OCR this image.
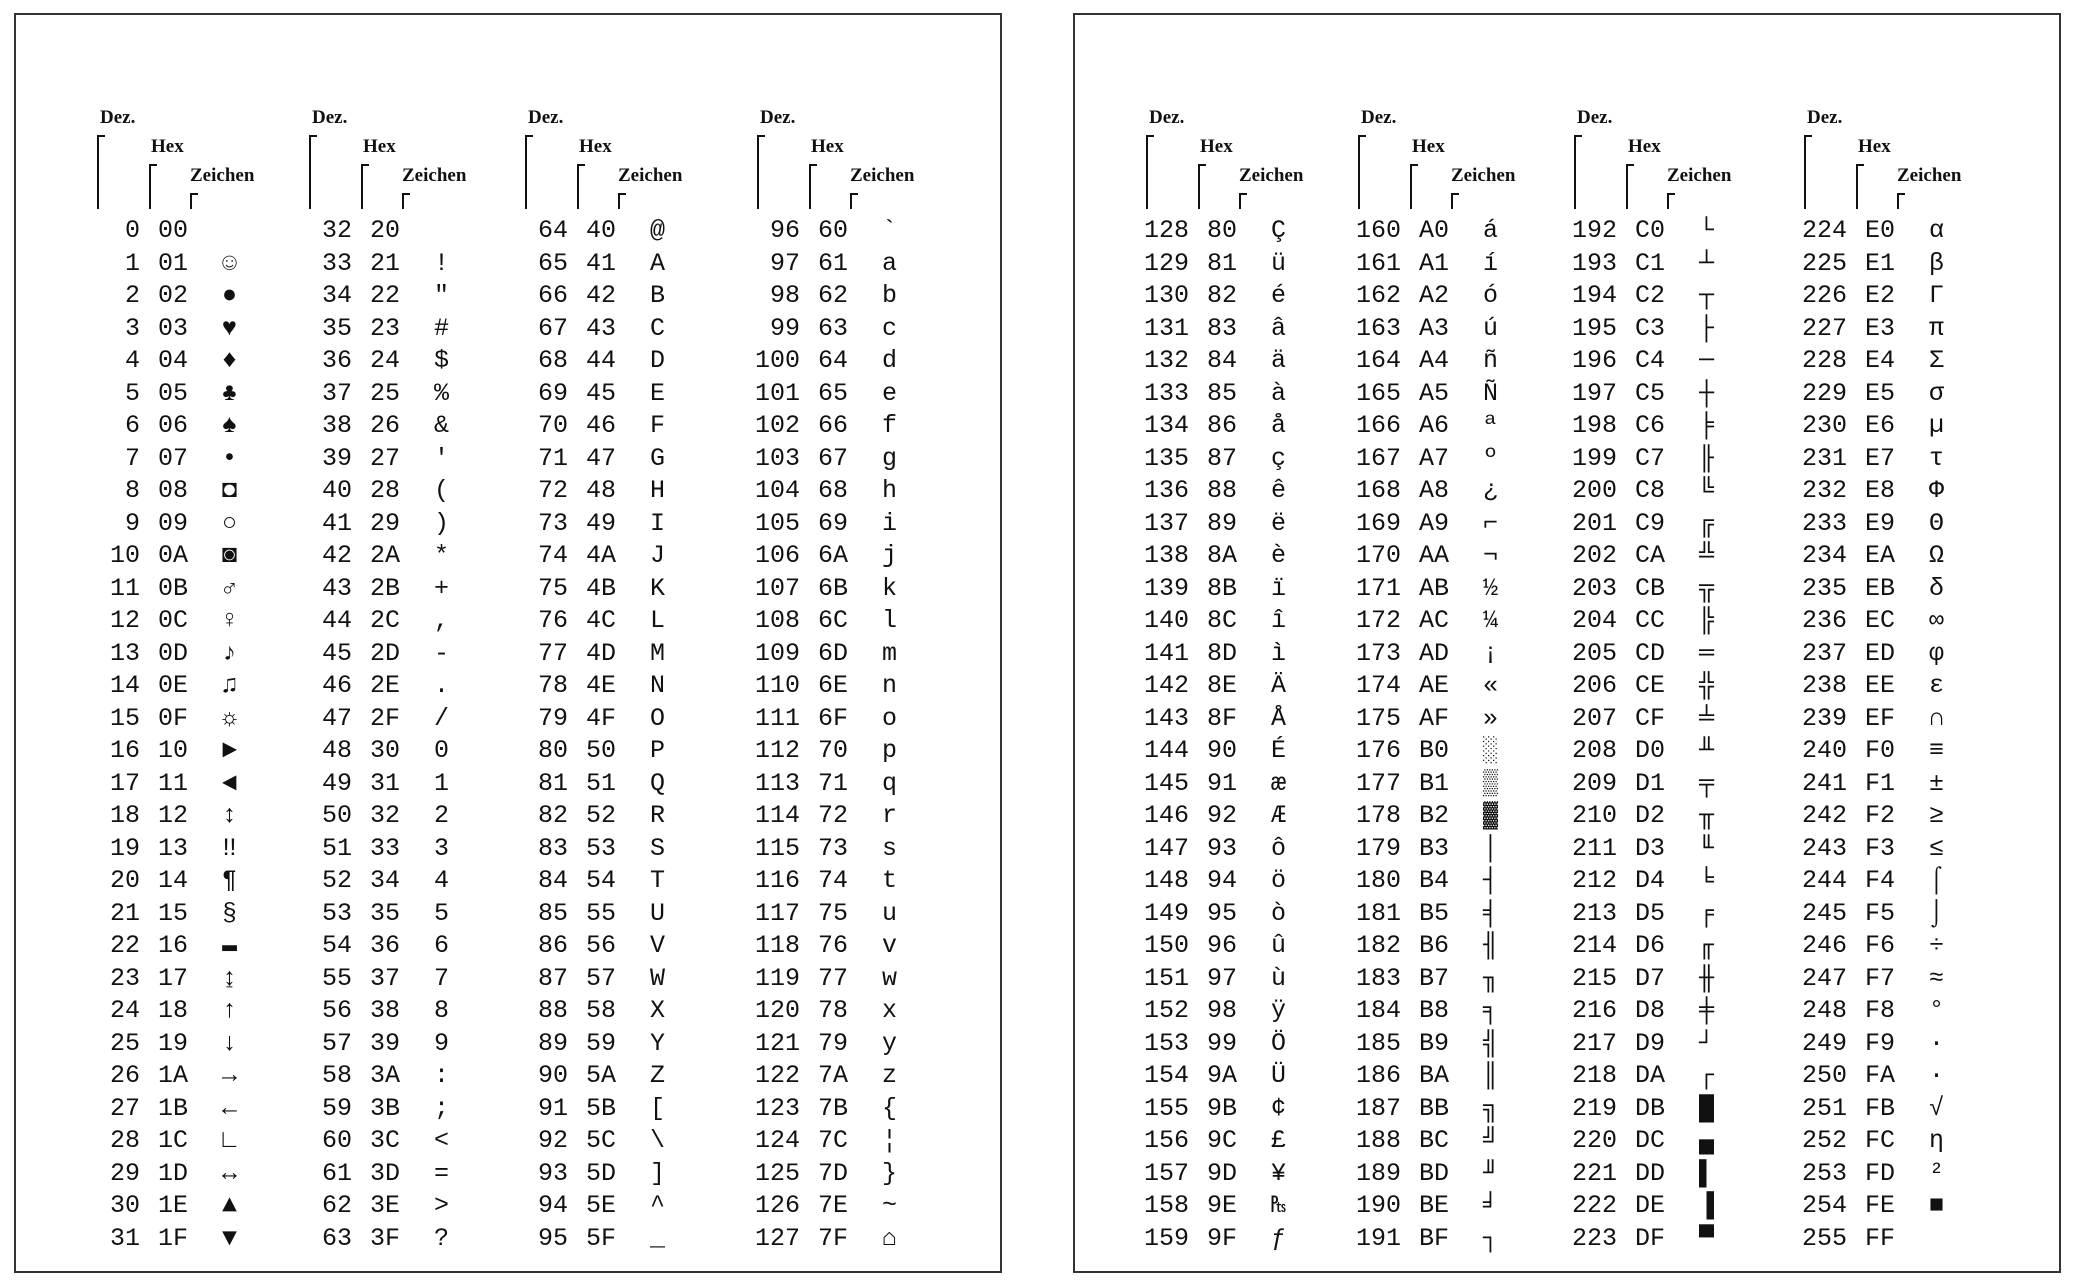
Dez.
Hex
Zeichen
0 00
1 01	☺
2 02	●
3 03	♥
4 04	♦
5 05	♣
6 06	♠
7 07	•
8 08	◘
9 09	○
10 0A	◙
11 0B	♂
12 0C	♀
13 0D	♪
14 0E	♫
15 0F	☼
16 10	►
17 11	◄
18 12	↕
19 13	‼
20 14	¶
21 15	§
22 16	▬
23 17	↨
24 18	↑
25 19	↓
26 1A	→
27 1B	←
28 1C	∟
29 1D	↔
30 1E	▲
31 1F	▼
Dez.
Hex
Zeichen
32 20
33 21	!
34 22	"
35 23	#
36 24	$
37 25	%
38 26	&
39 27	'
40 28	(
41 29	)
42 2A	*
43 2B	+
44 2C	,
45 2D	-
46 2E	.
47 2F	/
48 30	0
49 31	1
50 32	2
51 33	3
52 34	4
53 35	5
54 36	6
55 37	7
56 38	8
57 39	9
58 3A	:
59 3B	;
60 3C	<
61 3D	=
62 3E	>
63 3F	?
Dez.
Hex
Zeichen
64 40	@
65 41	A
66 42	B
67 43	C
68 44	D
69 45	E
70 46	F
71 47	G
72 48	H
73 49	I
74 4A	J
75 4B	K
76 4C	L
77 4D	M
78 4E	N
79 4F	O
80 50	P
81 51	Q
82 52	R
83 53	S
84 54	T
85 55	U
86 56	V
87 57	W
88 58	X
89 59	Y
90 5A	Z
91 5B	[
92 5C	\
93 5D	]
94 5E	^
95 5F	_
Dez.
Hex
Zeichen
96 60	`
97 61	a
98 62	b
99 63	c
100 64	d
101 65	e
102 66	f
103 67	g
104 68	h
105 69	i
106 6A	j
107 6B	k
108 6C	l
109 6D	m
110 6E	n
111 6F	o
112 70	p
113 71	q
114 72	r
115 73	s
116 74	t
117 75	u
118 76	v
119 77	w
120 78	x
121 79	y
122 7A	z
123 7B	{
124 7C	¦
125 7D	}
126 7E	~
127 7F	⌂
Dez.
Hex
Zeichen
128 80	Ç
129 81	ü
130 82	é
131 83	â
132 84	ä
133 85	à
134 86	å
135 87	ç
136 88	ê
137 89	ë
138 8A	è
139 8B	ï
140 8C	î
141 8D	ì
142 8E	Ä
143 8F	Å
144 90	É
145 91	æ
146 92	Æ
147 93	ô
148 94	ö
149 95	ò
150 96	û
151 97	ù
152 98	ÿ
153 99	Ö
154 9A	Ü
155 9B	¢
156 9C	£
157 9D	¥
158 9E	₧
159 9F	ƒ
Dez.
Hex
Zeichen
160 A0	á
161 A1	í
162 A2	ó
163 A3	ú
164 A4	ñ
165 A5	Ñ
166 A6	ª
167 A7	º
168 A8	¿
169 A9	⌐
170 AA	¬
171 AB	½
172 AC	¼
173 AD	¡
174 AE	«
175 AF	»
176 B0	░
177 B1	▒
178 B2	▓
179 B3	│
180 B4	┤
181 B5	╡
182 B6	╢
183 B7	╖
184 B8	╕
185 B9	╣
186 BA	║
187 BB	╗
188 BC	╝
189 BD	╜
190 BE	╛
191 BF	┐
Dez.
Hex
Zeichen
192 C0	└
193 C1	┴
194 C2	┬
195 C3	├
196 C4	─
197 C5	┼
198 C6	╞
199 C7	╟
200 C8	╚
201 C9	╔
202 CA	╩
203 CB	╦
204 CC	╠
205 CD	═
206 CE	╬
207 CF	╧
208 D0	╨
209 D1	╤
210 D2	╥
211 D3	╙
212 D4	╘
213 D5	╒
214 D6	╓
215 D7	╫
216 D8	╪
217 D9	┘
218 DA	┌
219 DB	█
220 DC	▄
221 DD	▌
222 DE	▐
223 DF	▀
Dez.
Hex
Zeichen
224 E0	α
225 E1	β
226 E2	Γ
227 E3	π
228 E4	Σ
229 E5	σ
230 E6	µ
231 E7	τ
232 E8	Φ
233 E9	Θ
234 EA	Ω
235 EB	δ
236 EC	∞
237 ED	φ
238 EE	ε
239 EF	∩
240 F0	≡
241 F1	±
242 F2	≥
243 F3	≤
244 F4	⌠
245 F5	⌡
246 F6	÷
247 F7	≈
248 F8	°
249 F9	∙
250 FA	·
251 FB	√
252 FC	η
253 FD	²
254 FE	■
255 FF
